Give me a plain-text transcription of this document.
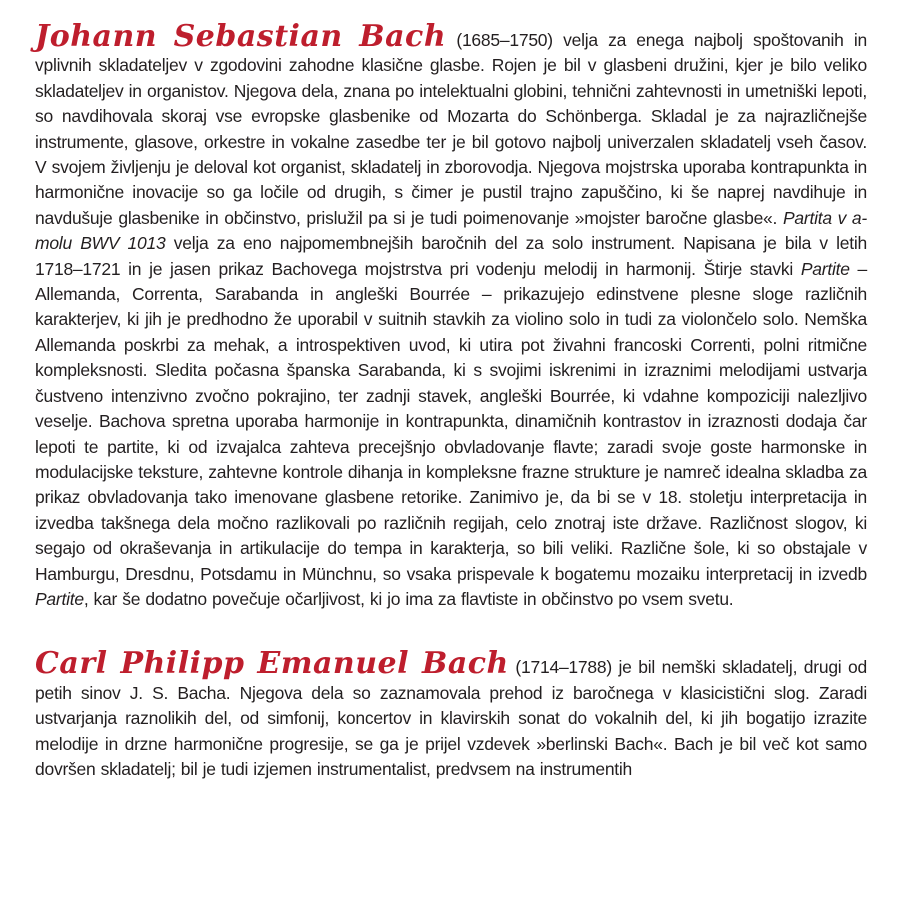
Johann Sebastian Bach (1685–1750) velja za enega najbolj spoštovanih in vplivnih skladateljev v zgodovini zahodne klasične glasbe. Rojen je bil v glasbeni družini, kjer je bilo veliko skladateljev in organistov. Njegova dela, znana po intelektualni globini, tehnični zahtevnosti in umetniški lepoti, so navdihovala skoraj vse evropske glasbenike od Mozarta do Schönberga. Skladal je za najrazličnejše instrumente, glasove, orkestre in vokalne zasedbe ter je bil gotovo najbolj univerzalen skladatelj vseh časov. V svojem življenju je deloval kot organist, skladatelj in zborovodja. Njegova mojstrska uporaba kontrapunkta in harmonične inovacije so ga ločile od drugih, s čimer je pustil trajno zapuščino, ki še naprej navdihuje in navdušuje glasbenike in občinstvo, prislužil pa si je tudi poimenovanje »mojster baročne glasbe«. Partita v a-molu BWV 1013 velja za eno najpomembnejših baročnih del za solo instrument. Napisana je bila v letih 1718–1721 in je jasen prikaz Bachovega mojstrstva pri vodenju melodij in harmonij. Štirje stavki Partite – Allemanda, Correnta, Sarabanda in angleški Bourrée – prikazujejo edinstvene plesne sloge različnih karakterjev, ki jih je predhodno že uporabil v suitnih stavkih za violino solo in tudi za violončelo solo. Nemška Allemanda poskrbi za mehak, a introspektiven uvod, ki utira pot živahni francoski Correnti, polni ritmične kompleksnosti. Sledita počasna španska Sarabanda, ki s svojimi iskrenimi in izraznimi melodijami ustvarja čustveno intenzivno zvočno pokrajino, ter zadnji stavek, angleški Bourrée, ki vdahne kompoziciji nalezljivo veselje. Bachova spretna uporaba harmonije in kontrapunkta, dinamičnih kontrastov in izraznosti dodaja čar lepoti te partite, ki od izvajalca zahteva precejšnjo obvladovanje flavte; zaradi svoje goste harmonske in modulacijske teksture, zahtevne kontrole dihanja in kompleksne frazne strukture je namreč idealna skladba za prikaz obvladovanja tako imenovane glasbene retorike. Zanimivo je, da bi se v 18. stoletju interpretacija in izvedba takšnega dela močno razlikovali po različnih regijah, celo znotraj iste države. Različnost slogov, ki segajo od okraševanja in artikulacije do tempa in karakterja, so bili veliki. Različne šole, ki so obstajale v Hamburgu, Dresdnu, Potsdamu in Münchnu, so vsaka prispevale k bogatemu mozaiku interpretacij in izvedb Partite, kar še dodatno povečuje očarljivost, ki jo ima za flavtiste in občinstvo po vsem svetu.

Carl Philipp Emanuel Bach (1714–1788) je bil nemški skladatelj, drugi od petih sinov J. S. Bacha. Njegova dela so zaznamovala prehod iz baročnega v klasicistični slog. Zaradi ustvarjanja raznolikih del, od simfonij, koncertov in klavirskih sonat do vokalnih del, ki jih bogatijo izrazite melodije in drzne harmonične progresije, se ga je prijel vzdevek »berlinski Bach«. Bach je bil več kot samo dovršen skladatelj; bil je tudi izjemen instrumentalist, predvsem na instrumentih
